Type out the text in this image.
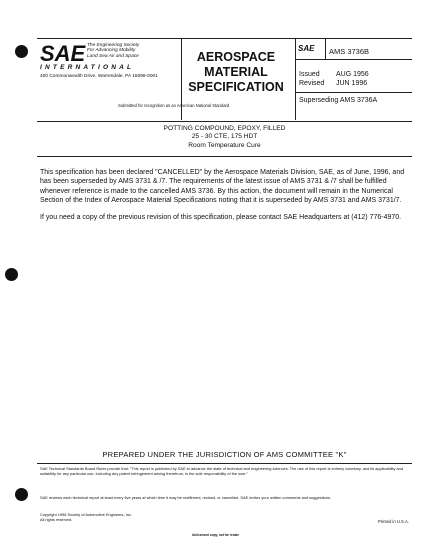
SAE The Engineering Society
For Advancing Mobility
Land Sea Air and Space
INTERNATIONAL
400 Commonwealth Drive, Warrendale, PA 15096-0001
Submitted for recognition as an American National Standard
AEROSPACE
MATERIAL
SPECIFICATION
SAE AMS 3736B
Issued
Revised
AUG 1956
JUN 1996
Superseding AMS 3736A
POTTING COMPOUND, EPOXY, FILLED
25 - 30 CTE, 175 HDT
Room Temperature Cure

This specification has been declared "CANCELLED" by the Aerospace Materials Division, SAE, as of June, 1996, and has been superseded by AMS 3731 & /7. The requirements of the latest issue of AMS 3731 & /7 shall be fulfilled whenever reference is made to the cancelled AMS 3736. By this action, the document will remain in the Numerical Section of the Index of Aerospace Material Specifications noting that it is superseded by AMS 3731 and AMS 3731/7.

If you need a copy of the previous revision of this specification, please contact SAE Headquarters at (412) 776-4970.

PREPARED UNDER THE JURISDICTION OF AMS COMMITTEE "K"
SAE Technical Standards Board Rules provide that: "This report is published by SAE to advance the state of technical and engineering sciences. The use of this report is entirely voluntary, and its applicability and suitability for any particular use, including any patent infringement arising therefrom, is the sole responsibility of the user."
SAE reviews each technical report at least every five years at which time it may be reaffirmed, revised, or cancelled. SAE invites your written comments and suggestions.
Copyright 1996 Society of Automotive Engineers, Inc.
All rights reserved.	Printed in U.S.A.
Unlicensed copy, not for resale
